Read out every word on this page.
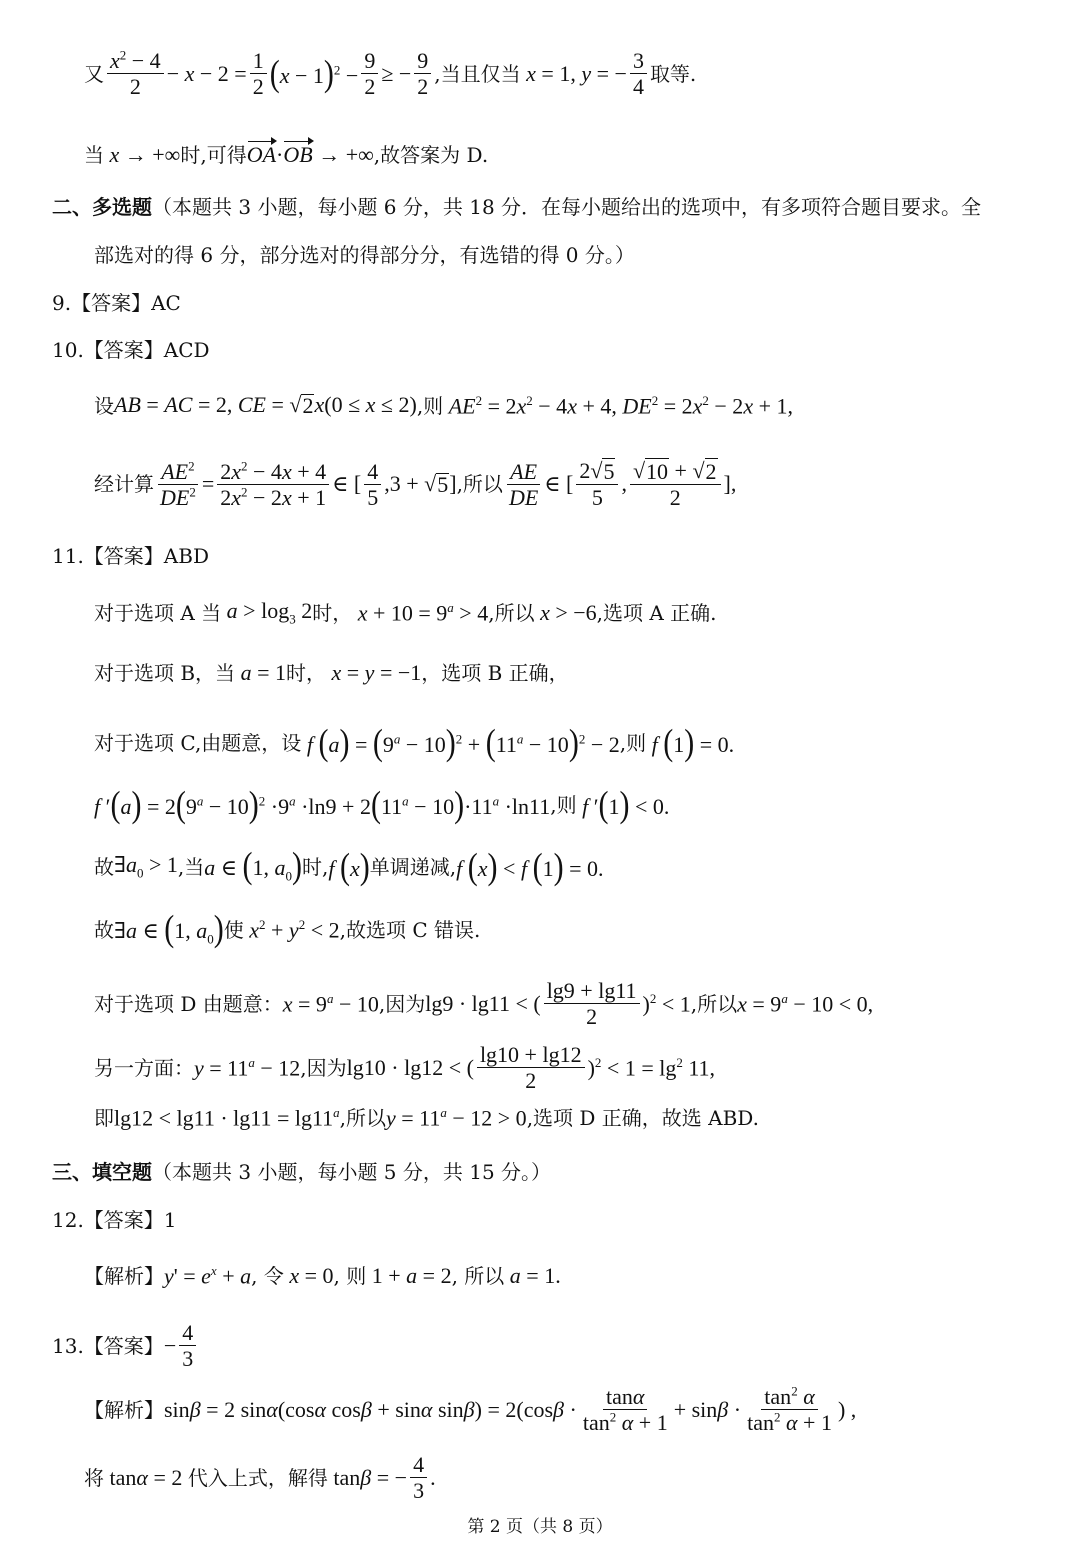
又 $\frac{x^2 - 4}{2} - x - 2 = \frac{1}{2} (x - 1)^2 - \frac{9}{2}$ ≥ − $\frac{9}{2}$ ,当且仅当 x = 1, y = − $\frac{3}{4}$ 取等.
当 x → +∞ 时,可得 OA·OB → +∞ ,故答案为 D.
二、多选题 （本题共 3 小题，每小题 6 分，共 18 分．在每小题给出的选项中，有多项符合题目要求。全
部选对的得 6 分，部分选对的得部分分，有选错的得 0 分。）
9.【答案】AC
10.【答案】ACD
设 AB = AC = 2, CE = √ 2 x(0 ≤ x ≤ 2) ,则 $AE^2 = 2x^2 - 4x + 4$, $DE^2 = 2x^2 - 2x + 1$,
经计算 $\frac{AE^2}{DE^2} = \frac{2x^2 - 4x + 4}{2x^2 - 2x + 1}$ ∈ [ $\frac{4}{5} ,3$ + √ 5 ] ,所以 $\frac{AE}{DE}$ ∈ [ $\frac{2√ 5}{5}$ , $\frac{√ 10 + √ 2}{2}$ ],
11.【答案】ABD
对于选项 A 当 $a > \log_3 2$ 时， $x + 10 = 9^a > 4$ ,所以 x > −6 ,选项 A 正确.
对于选项 B，当 a = 1 时， x = y = −1 ，选项 B 正确，
对于选项 C,由题意，设 f $(a) = (9^a - 10)^2 + (11^a - 10)^2 - 2$ ,则 f (1) = 0.
f $'(a) = 2(9^a - 10)^2 \cdot 9^a \cdot\ln 9 + 2(11^a - 10)\cdot 11^a \cdot\ln 11$ ,则 f ′(1) < 0.
故 $\exists a_0 > 1$ ,当 a ∈ (1, $a_0$) 时, f (x) 单调递减, f (x) < f (1) = 0.
故 ∃a ∈ (1, $a_0$) 使 $x^2 + y^2 < 2$ ,故选项 C 错误.
对于选项 D 由题意： $x = 9^a - 10$ ,因为 lg9 · lg11 < ( $\frac{\lg 9 + \lg 11}{2} )^2 < 1$ ,所以 $x = 9^a - 10 < 0$,
另一方面： $y = 11^a - 12$ ,因为 lg10 · lg12 < ( $\frac{\lg 10 + \lg 12}{2} )^2 < 1 = \lg^2 11$,
即 $\lg 12 < \lg 11 \cdot \lg 11 = \lg 11^a$ ,所以 $y = 11^a - 12 > 0$ ,选项 D 正确，故选 ABD.
三、填空题 （本题共 3 小题，每小题 5 分，共 15 分。）
12.【答案】1
【解析】 $y' = e^x + a$ , 令 x = 0 , 则 1 + a = 2 , 所以 a = 1.
13.【答案】 − $\frac{4}{3}$
【解析】 sinβ = 2 sinα(cosα cosβ + sinα $\sin\beta) = 2(\cos\beta \cdot \frac{\tan\alpha}{\tan^2 \alpha + 1} + \sin\beta \cdot \frac{\tan^2 \alpha}{\tan^2 \alpha + 1}$ ) ,
将 tanα = 2 代入上式，解得 tanβ = − $\frac{4}{3}$ .
第 2 页（共 8 页）
